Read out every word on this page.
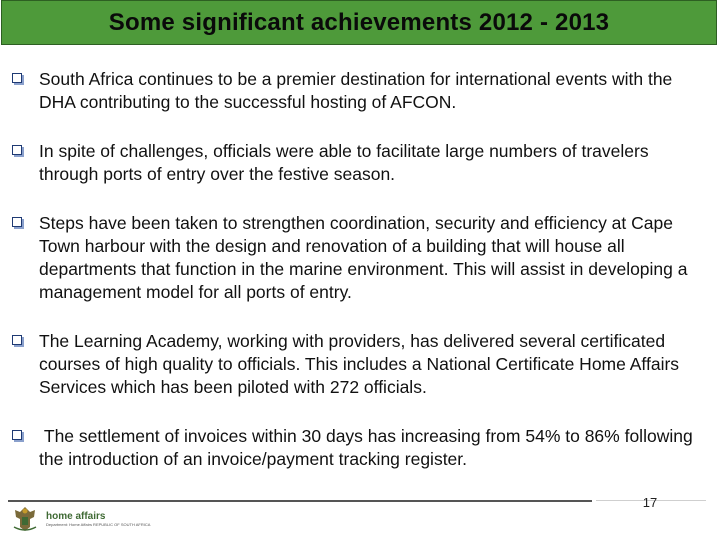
Some significant achievements 2012 - 2013
South Africa continues to be a premier destination for international events with the DHA contributing to the successful hosting of AFCON.
In spite of challenges, officials were able to facilitate large numbers of travelers through ports of entry over the festive season.
Steps have been taken to strengthen coordination, security and efficiency at Cape Town harbour with the design and renovation of a building that will house all departments that function in the marine environment. This will assist in developing a management model for all ports of entry.
The Learning Academy, working with providers, has delivered several certificated courses of high quality to officials. This includes a National Certificate Home Affairs Services which has been piloted with 272 officials.
The settlement of invoices within 30 days has increasing from 54% to 86% following the introduction of an invoice/payment tracking register.
home affairs
Department: Home Affairs REPUBLIC OF SOUTH AFRICA
17
